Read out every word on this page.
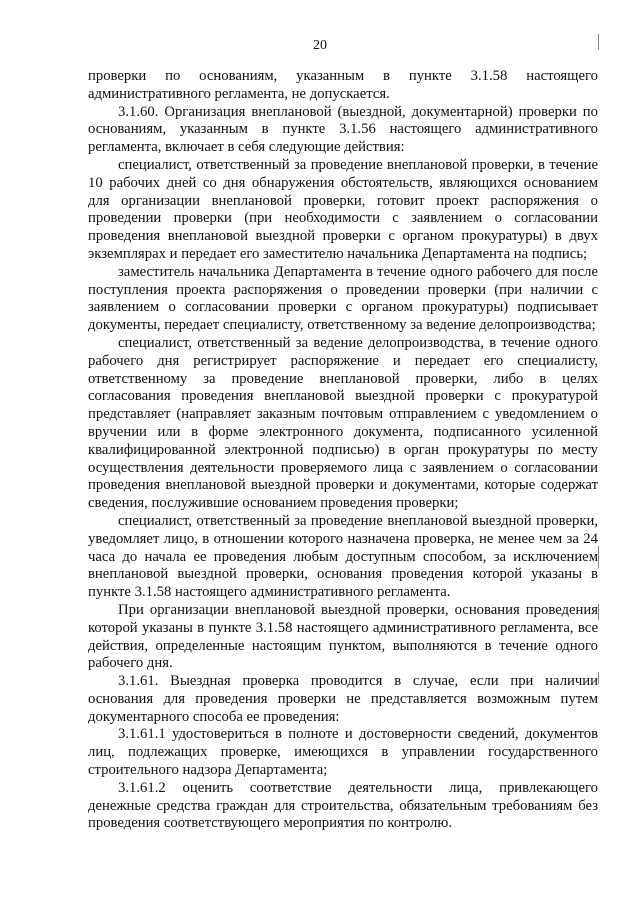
20

проверки по основаниям, указанным в пункте 3.1.58 настоящего административного регламента, не допускается.

3.1.60. Организация внеплановой (выездной, документарной) проверки по основаниям, указанным в пункте 3.1.56 настоящего административного регламента, включает в себя следующие действия:

специалист, ответственный за проведение внеплановой проверки, в течение 10 рабочих дней со дня обнаружения обстоятельств, являющихся основанием для организации внеплановой проверки, готовит проект распоряжения о проведении проверки (при необходимости с заявлением о согласовании проведения внеплановой выездной проверки с органом прокуратуры) в двух экземплярах и передает его заместителю начальника Департамента на подпись;

заместитель начальника Департамента в течение одного рабочего для после поступления проекта распоряжения о проведении проверки (при наличии с заявлением о согласовании проверки с органом прокуратуры) подписывает документы, передает специалисту, ответственному за ведение делопроизводства;

специалист, ответственный за ведение делопроизводства, в течение одного рабочего дня регистрирует распоряжение и передает его специалисту, ответственному за проведение внеплановой проверки, либо в целях согласования проведения внеплановой выездной проверки с прокуратурой представляет (направляет заказным почтовым отправлением с уведомлением о вручении или в форме электронного документа, подписанного усиленной квалифицированной электронной подписью) в орган прокуратуры по месту осуществления деятельности проверяемого лица с заявлением о согласовании проведения внеплановой выездной проверки и документами, которые содержат сведения, послужившие основанием проведения проверки;

специалист, ответственный за проведение внеплановой выездной проверки, уведомляет лицо, в отношении которого назначена проверка, не менее чем за 24 часа до начала ее проведения любым доступным способом, за исключением внеплановой выездной проверки, основания проведения которой указаны в пункте 3.1.58 настоящего административного регламента.

При организации внеплановой выездной проверки, основания проведения которой указаны в пункте 3.1.58 настоящего административного регламента, все действия, определенные настоящим пунктом, выполняются в течение одного рабочего дня.

3.1.61. Выездная проверка проводится в случае, если при наличии основания для проведения проверки не представляется возможным путем документарного способа ее проведения:

3.1.61.1 удостовериться в полноте и достоверности сведений, документов лиц, подлежащих проверке, имеющихся в управлении государственного строительного надзора Департамента;

3.1.61.2 оценить соответствие деятельности лица, привлекающего денежные средства граждан для строительства, обязательным требованиям без проведения соответствующего мероприятия по контролю.
